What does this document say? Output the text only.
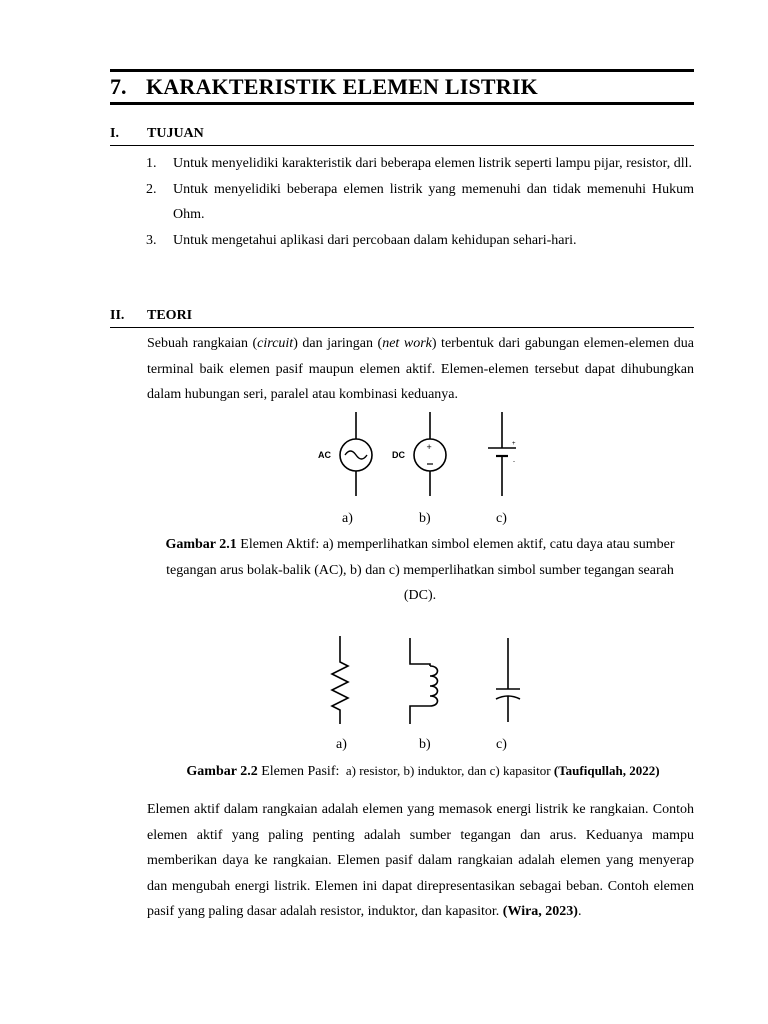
7. KARAKTERISTIK ELEMEN LISTRIK
I. TUJUAN
1. Untuk menyelidiki karakteristik dari beberapa elemen listrik seperti lampu pijar, resistor, dll.
2. Untuk menyelidiki beberapa elemen listrik yang memenuhi dan tidak memenuhi Hukum Ohm.
3. Untuk mengetahui aplikasi dari percobaan dalam kehidupan sehari-hari.
II. TEORI
Sebuah rangkaian (circuit) dan jaringan (net work) terbentuk dari gabungan elemen-elemen dua terminal baik elemen pasif maupun elemen aktif. Elemen-elemen tersebut dapat dihubungkan dalam hubungan seri, paralel atau kombinasi keduanya.
AC
+
DC
+
-
a)	b)	c)
Gambar 2.1 Elemen Aktif: a) memperlihatkan simbol elemen aktif, catu daya atau sumber tegangan arus bolak-balik (AC), b) dan c) memperlihatkan simbol sumber tegangan searah (DC).
a)	b)	c)
Gambar 2.2 Elemen Pasif:  a) resistor, b) induktor, dan c) kapasitor (Taufiqullah, 2022)
Elemen aktif dalam rangkaian adalah elemen yang memasok energi listrik ke rangkaian. Contoh elemen aktif yang paling penting adalah sumber tegangan dan arus. Keduanya mampu memberikan daya ke rangkaian. Elemen pasif dalam rangkaian adalah elemen yang menyerap dan mengubah energi listrik. Elemen ini dapat direpresentasikan sebagai beban. Contoh elemen pasif yang paling dasar adalah resistor, induktor, dan kapasitor. (Wira, 2023).
